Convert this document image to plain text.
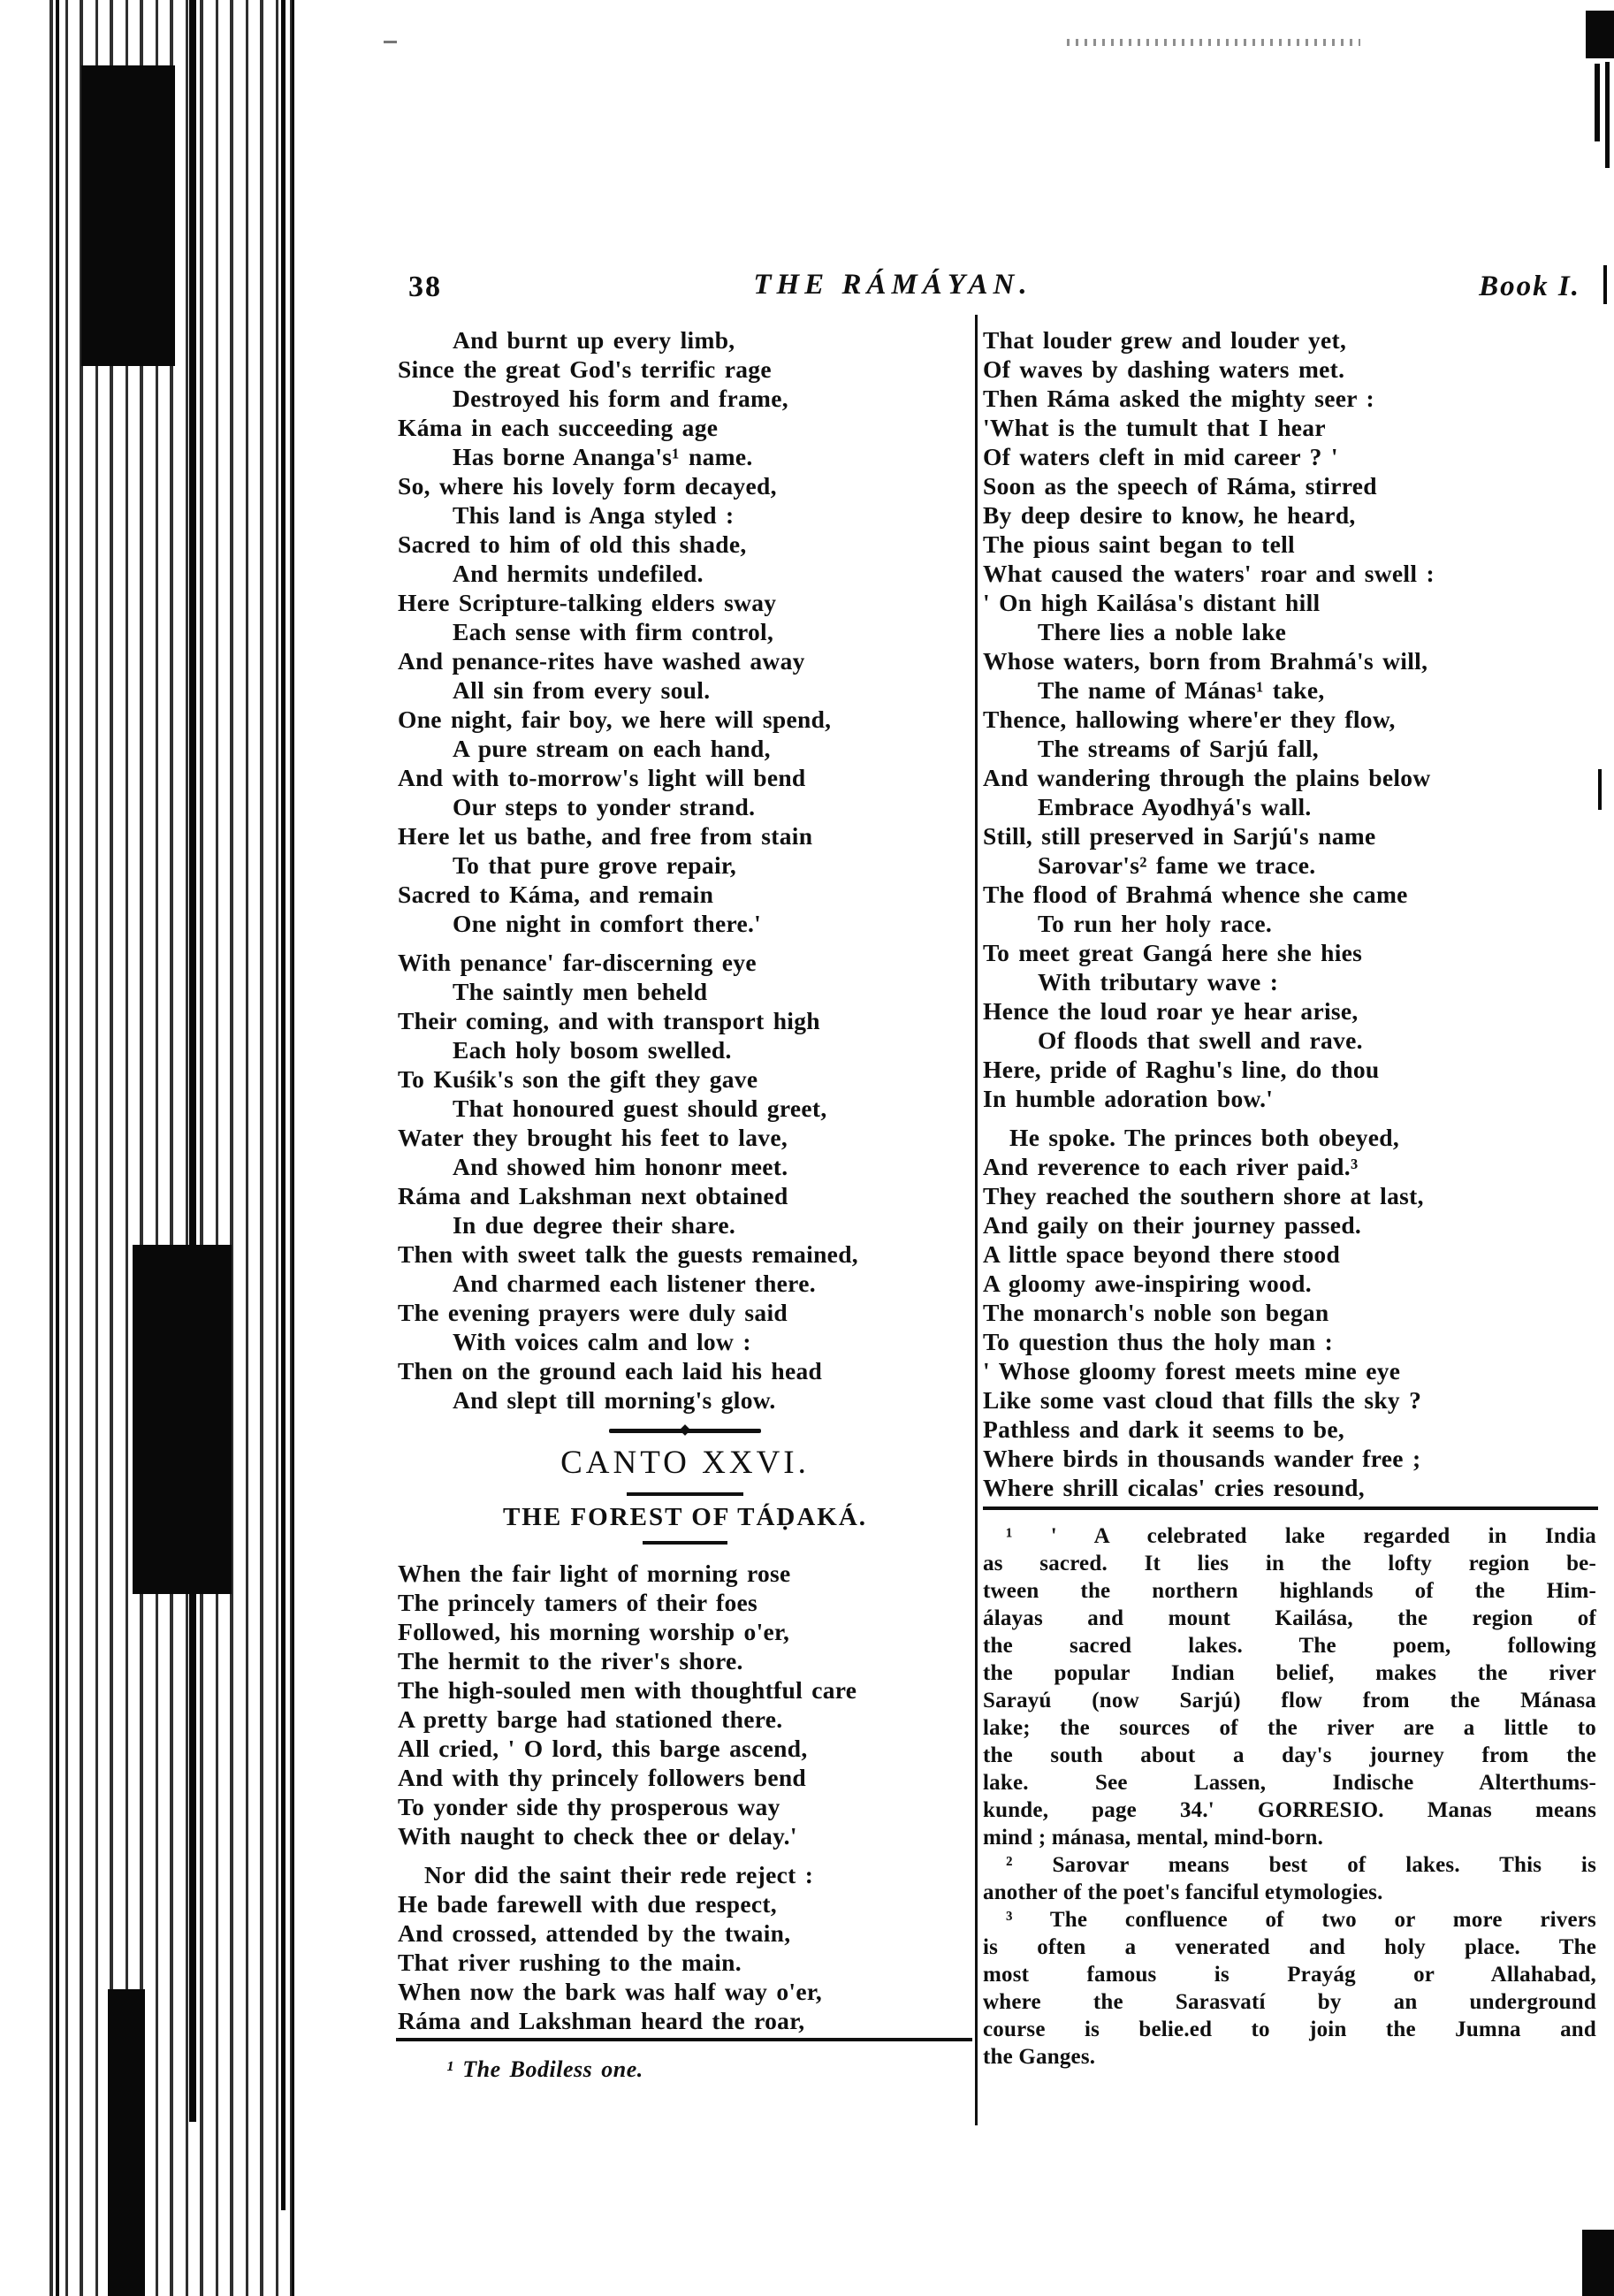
38	THE RÁMÁYAN.	Book I.
And burnt up every limb,
Since the great God's terrific rage
Destroyed his form and frame,
Káma in each succeeding age
Has borne Ananga's¹ name.
So, where his lovely form decayed,
This land is Anga styled :
Sacred to him of old this shade,
And hermits undefiled.
Here Scripture-talking elders sway
Each sense with firm control,
And penance-rites have washed away
All sin from every soul.
One night, fair boy, we here will spend,
A pure stream on each hand,
And with to-morrow's light will bend
Our steps to yonder strand.
Here let us bathe, and free from stain
To that pure grove repair,
Sacred to Káma, and remain
One night in comfort there.'
With penance' far-discerning eye
The saintly men beheld
Their coming, and with transport high
Each holy bosom swelled.
To Kuśik's son the gift they gave
That honoured guest should greet,
Water they brought his feet to lave,
And showed him hononr meet.
Ráma and Lakshman next obtained
In due degree their share.
Then with sweet talk the guests remained,
And charmed each listener there.
The evening prayers were duly said
With voices calm and low :
Then on the ground each laid his head
And slept till morning's glow.
CANTO XXVI.
THE FOREST OF TÁḌAKÁ.
When the fair light of morning rose
The princely tamers of their foes
Followed, his morning worship o'er,
The hermit to the river's shore.
The high-souled men with thoughtful care
A pretty barge had stationed there.
All cried, ' O lord, this barge ascend,
And with thy princely followers bend
To yonder side thy prosperous way
With naught to check thee or delay.'
Nor did the saint their rede reject :
He bade farewell with due respect,
And crossed, attended by the twain,
That river rushing to the main.
When now the bark was half way o'er,
Ráma and Lakshman heard the roar,
¹ The Bodiless one.
That louder grew and louder yet,
Of waves by dashing waters met.
Then Ráma asked the mighty seer :
'What is the tumult that I hear
Of waters cleft in mid career ? '
Soon as the speech of Ráma, stirred
By deep desire to know, he heard,
The pious saint began to tell
What caused the waters' roar and swell :
' On high Kailása's distant hill
There lies a noble lake
Whose waters, born from Brahmá's will,
The name of Mánas¹ take,
Thence, hallowing where'er they flow,
The streams of Sarjú fall,
And wandering through the plains below
Embrace Ayodhyá's wall.
Still, still preserved in Sarjú's name
Sarovar's² fame we trace.
The flood of Brahmá whence she came
To run her holy race.
To meet great Gangá here she hies
With tributary wave :
Hence the loud roar ye hear arise,
Of floods that swell and rave.
Here, pride of Raghu's line, do thou
In humble adoration bow.'
He spoke. The princes both obeyed,
And reverence to each river paid.³
They reached the southern shore at last,
And gaily on their journey passed.
A little space beyond there stood
A gloomy awe-inspiring wood.
The monarch's noble son began
To question thus the holy man :
' Whose gloomy forest meets mine eye
Like some vast cloud that fills the sky ?
Pathless and dark it seems to be,
Where birds in thousands wander free ;
Where shrill cicalas' cries resound,
¹ ' A celebrated lake regarded in India
as sacred. It lies in the lofty region be-
tween the northern highlands of the Him-
álayas and mount Kailása, the region of
the sacred lakes. The poem, following
the popular Indian belief, makes the river
Sarayú (now Sarjú) flow from the Mánasa
lake; the sources of the river are a little to
the south about a day's journey from the
lake. See Lassen, Indische Alterthums-
kunde, page 34.' GORRESIO. Manas means
mind ; mánasa, mental, mind-born.
² Sarovar means best of lakes. This is
another of the poet's fanciful etymologies.
³ The confluence of two or more rivers
is often a venerated and holy place. The
most famous is Prayág or Allahabad,
where the Sarasvatí by an underground
course is belie.ed to join the Jumna and
the Ganges.
